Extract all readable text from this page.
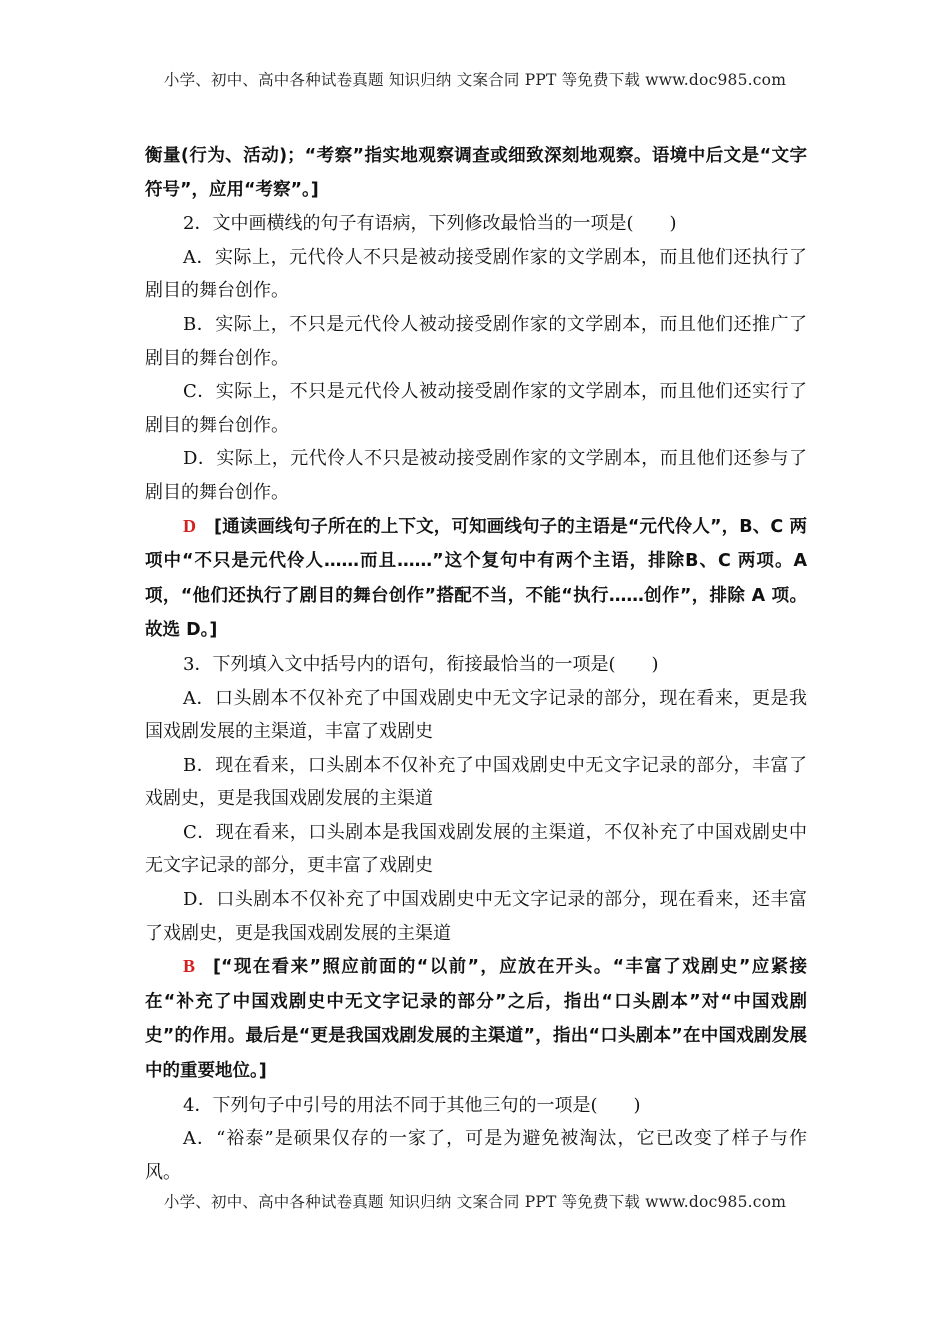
小学、初中、高中各种试卷真题 知识归纳 文案合同 PPT 等免费下载 www.doc985.com

衡量(行为、活动)；“考察”指实地观察调查或细致深刻地观察。语境中后文是“文字符号”，应用“考察”。]

2．文中画横线的句子有语病，下列修改最恰当的一项是(　　)

A．实际上，元代伶人不只是被动接受剧作家的文学剧本，而且他们还执行了剧目的舞台创作。

B．实际上，不只是元代伶人被动接受剧作家的文学剧本，而且他们还推广了剧目的舞台创作。

C．实际上，不只是元代伶人被动接受剧作家的文学剧本，而且他们还实行了剧目的舞台创作。

D．实际上，元代伶人不只是被动接受剧作家的文学剧本，而且他们还参与了剧目的舞台创作。

D [通读画线句子所在的上下文，可知画线句子的主语是“元代伶人”，B、C 两项中“不只是元代伶人……而且……”这个复句中有两个主语，排除B、C 两项。A 项，“他们还执行了剧目的舞台创作”搭配不当，不能“执行……创作”，排除 A 项。故选 D。]

3．下列填入文中括号内的语句，衔接最恰当的一项是(　　)

A．口头剧本不仅补充了中国戏剧史中无文字记录的部分，现在看来，更是我国戏剧发展的主渠道，丰富了戏剧史

B．现在看来，口头剧本不仅补充了中国戏剧史中无文字记录的部分，丰富了戏剧史，更是我国戏剧发展的主渠道

C．现在看来，口头剧本是我国戏剧发展的主渠道，不仅补充了中国戏剧史中无文字记录的部分，更丰富了戏剧史

D．口头剧本不仅补充了中国戏剧史中无文字记录的部分，现在看来，还丰富了戏剧史，更是我国戏剧发展的主渠道

B [“现在看来”照应前面的“以前”，应放在开头。“丰富了戏剧史”应紧接在“补充了中国戏剧史中无文字记录的部分”之后，指出“口头剧本”对“中国戏剧史”的作用。最后是“更是我国戏剧发展的主渠道”，指出“口头剧本”在中国戏剧发展中的重要地位。]

4．下列句子中引号的用法不同于其他三句的一项是(　　)

A．“裕泰”是硕果仅存的一家了，可是为避免被淘汰，它已改变了样子与作风。

小学、初中、高中各种试卷真题 知识归纳 文案合同 PPT 等免费下载 www.doc985.com
